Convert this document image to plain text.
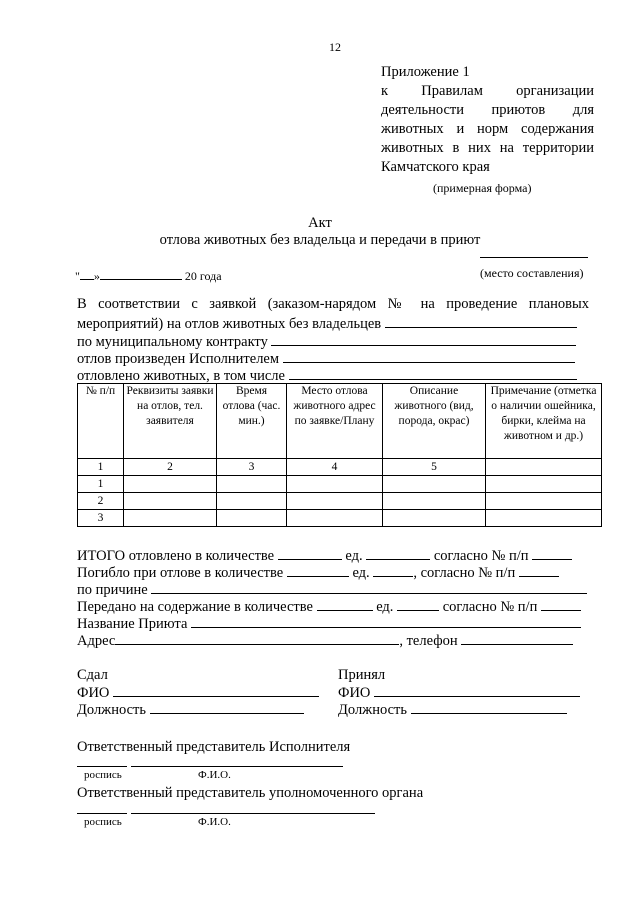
12
Приложение 1
к Правилам организации
деятельности приютов для
животных и норм содержания
животных в них на территории
Камчатского края
(примерная форма)
Акт
отлова животных без владельца и передачи в приют
" »	20 года	(место составления)
В соответствии с заявкой (заказом-нарядом № на проведение плановых
мероприятий) на отлов животных без владельцев
по муниципальному контракту
отлов произведен Исполнителем
отловлено животных, в том числе
№ п/п	Реквизиты заявки на отлов, тел. заявителя	Время отлова (час. мин.)	Место отлова животного адрес по заявке/Плану	Описание животного (вид, порода, окрас)	Примечание (отметка о наличии ошейника, бирки, клейма на животном и др.)
1	2	3	4	5	
1					
2					
3					
ИТОГО отловлено в количестве	ед.	согласно № п/п
Погибло при отлове в количестве	ед.	, согласно № п/п
по причине
Передано на содержание в количестве	ед.	согласно № п/п
Название Приюта
Адрес	, телефон
Сдал	Принял
ФИО	ФИО
Должность	Должность
Ответственный представитель Исполнителя
роспись	Ф.И.О.
Ответственный представитель уполномоченного органа
роспись	Ф.И.О.
